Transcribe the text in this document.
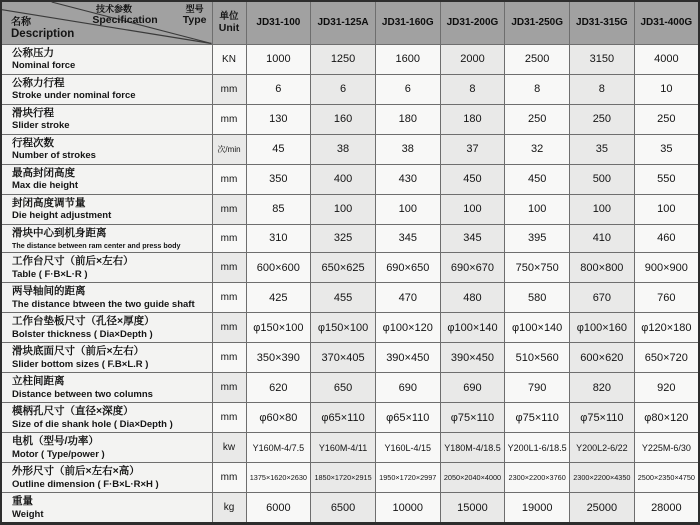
技术参数
Specification
型号
Type
名称
Description

单位
Unit	JD31-100	JD31-125A	JD31-160G	JD31-200G	JD31-250G	JD31-315G	JD31-400G

公称压力
Nominal force	KN	1000	1250	1600	2000	2500	3150	4000

公称力行程
Stroke under nominal force	mm	6	6	6	8	8	8	10

滑块行程
Slider stroke	mm	130	160	180	180	250	250	250

行程次数
Number of strokes	次/min	45	38	38	37	32	35	35

最高封闭高度
Max die height	mm	350	400	430	450	450	500	550

封闭高度调节量
Die height adjustment	mm	85	100	100	100	100	100	100

滑块中心到机身距离
The distance between ram center and press body	mm	310	325	345	345	395	410	460

工作台尺寸（前后×左右）
Table ( F·B×L·R )	mm	600×600	650×625	690×650	690×670	750×750	800×800	900×900

两导轴间的距离
The distance btween the two guide shaft	mm	425	455	470	480	580	670	760

工作台垫板尺寸（孔径×厚度）
Bolster thickness ( Dia×Depth )	mm	φ150×100	φ150×100	φ100×120	φ100×140	φ100×140	φ100×160	φ120×180

滑块底面尺寸（前后×左右）
Slider bottom sizes ( F.B×L.R )	mm	350×390	370×405	390×450	390×450	510×560	600×620	650×720

立柱间距离
Distance between two columns	mm	620	650	690	690	790	820	920

模柄孔尺寸（直径×深度）
Size of die shank hole ( Dia×Depth )	mm	φ60×80	φ65×110	φ65×110	φ75×110	φ75×110	φ75×110	φ80×120

电机（型号/功率）
Motor ( Type/power )	kw	Y160M-4/7.5	Y160M-4/11	Y160L-4/15	Y180M-4/18.5	Y200L1-6/18.5	Y200L2-6/22	Y225M-6/30

外形尺寸（前后×左右×高）
Outline dimension ( F·B×L·R×H )	mm	1375×1620×2630	1850×1720×2915	1950×1720×2997	2050×2040×4000	2300×2200×3760	2300×2200×4350	2500×2350×4750

重量
Weight	kg	6000	6500	10000	15000	19000	25000	28000
